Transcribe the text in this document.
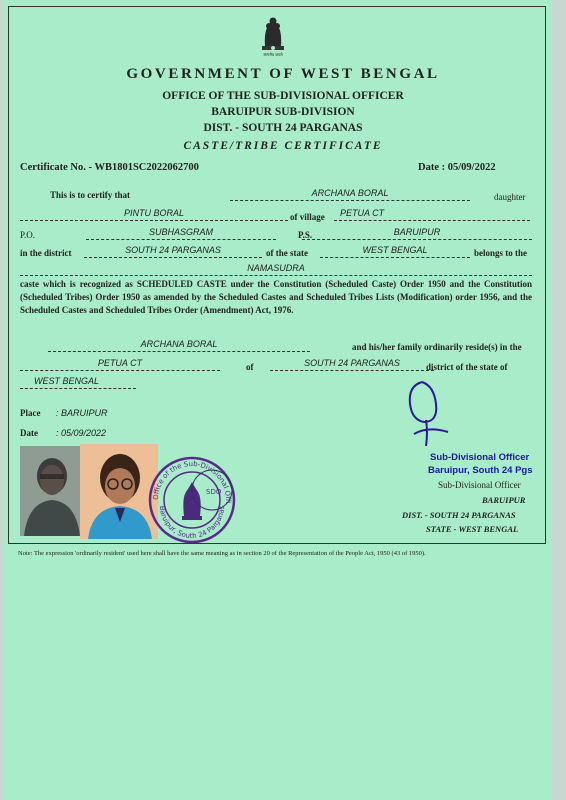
सत्यमेव जयते
GOVERNMENT OF WEST BENGAL
OFFICE OF THE SUB-DIVISIONAL OFFICER
BARUIPUR SUB-DIVISION
DIST. - SOUTH 24 PARGANAS
CASTE/TRIBE CERTIFICATE
Certificate No. - WB1801SC2022062700	Date : 05/09/2022
This is to certify that	ARCHANA BORAL	daughter
PINTU BORAL	of village	PETUA CT
P.O.	SUBHASGRAM	P.S.	BARUIPUR
in the district	SOUTH 24 PARGANAS	of the state	WEST BENGAL	belongs to the
NAMASUDRA
caste which is recognized as SCHEDULED CASTE under the Constitution (Scheduled Caste) Order 1950 and the Constitution (Scheduled Tribes) Order 1950 as amended by the Scheduled Castes and Scheduled Tribes Lists (Modification) order 1956, and the Scheduled Castes and Scheduled Tribes Order (Amendment) Act, 1976.
ARCHANA BORAL	and his/her family ordinarily reside(s) in the
PETUA CT	of	SOUTH 24 PARGANAS	district of the state of
WEST BENGAL
Place : BARUIPUR
Date : 05/09/2022
Sub-Divisional Officer
Baruipur, South 24 Pgs
Sub-Divisional Officer
BARUIPUR
DIST. - SOUTH 24 PARGANAS
STATE - WEST BENGAL
Office of the Sub-Divisional Offi
Baruipur, South 24 Parganas
SDO
Note: The expression 'ordinarily resident' used here shall have the same meaning as in section 20 of the Representation of the People Act, 1950 (43 of 1950).
